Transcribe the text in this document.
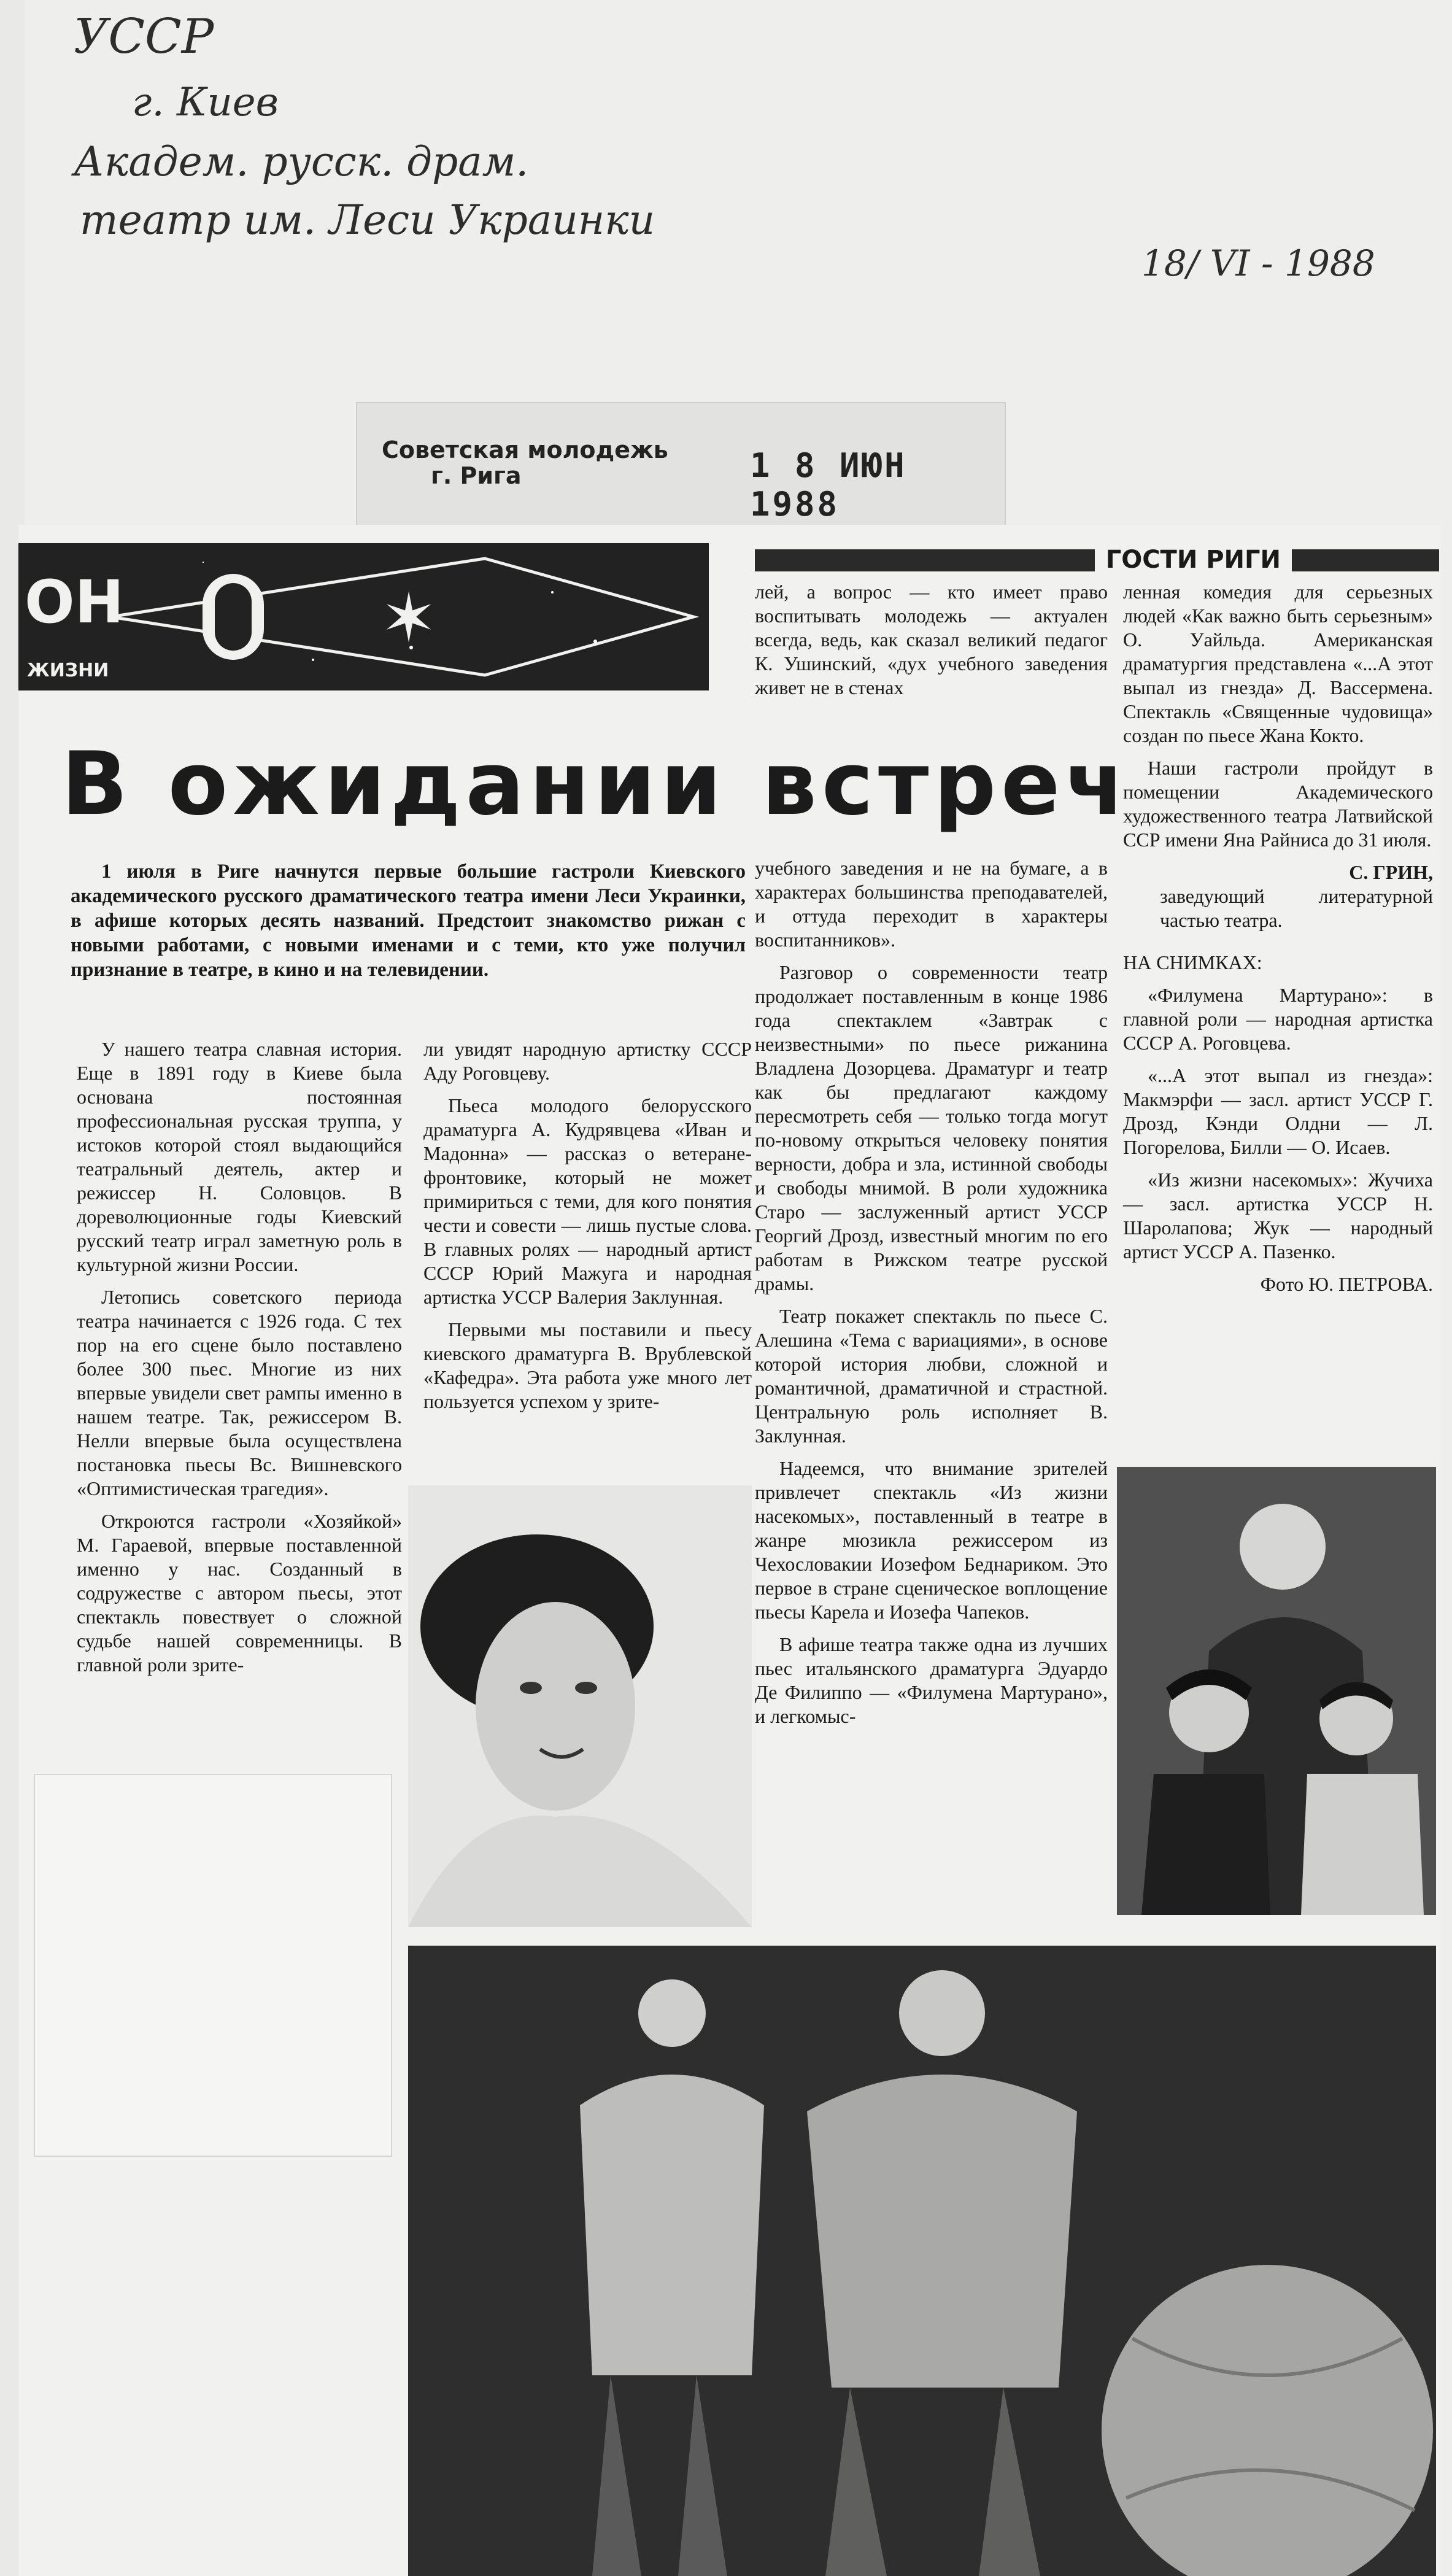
УССР
г. Киев
Академ. русск. драм.
театр им. Леси Украинки
18/ VI - 1988
Советская молодежь
г. Рига	1 8 ИЮН 1988
ОН
ЖИЗНИ
✶
ГОСТИ РИГИ
В ожидании встреч
1 июля в Риге начнутся первые большие гастроли Киевского академического русского драматического театра имени Леси Украинки, в афише которых десять названий. Предстоит знакомство рижан с новыми работами, с новыми именами и с теми, кто уже получил признание в театре, в кино и на телевидении.

У нашего театра славная история. Еще в 1891 году в Киеве была основана постоянная профессиональная русская труппа, у истоков которой стоял выдающийся театральный деятель, актер и режиссер Н. Соловцов. В дореволюционные годы Киевский русский театр играл заметную роль в культурной жизни России.

Летопись советского периода театра начинается с 1926 года. С тех пор на его сцене было поставлено более 300 пьес. Многие из них впервые увидели свет рампы именно в нашем театре. Так, режиссером В. Нелли впервые была осуществлена постановка пьесы Вс. Вишневского «Оптимистическая трагедия».

Откроются гастроли «Хозяйкой» М. Гараевой, впервые поставленной именно у нас. Созданный в содружестве с автором пьесы, этот спектакль повествует о сложной судьбе нашей современницы. В главной роли зрите-

ли увидят народную артистку СССР Аду Роговцеву.

Пьеса молодого белорусского драматурга А. Кудрявцева «Иван и Мадонна» — рассказ о ветеране-фронтовике, который не может примириться с теми, для кого понятия чести и совести — лишь пустые слова. В главных ролях — народный артист СССР Юрий Мажуга и народная артистка УССР Валерия Заклунная.

Первыми мы поставили и пьесу киевского драматурга В. Врублевской «Кафедра». Эта работа уже много лет пользуется успехом у зрите-

лей, а вопрос — кто имеет право воспитывать молодежь — актуален всегда, ведь, как сказал великий педагог К. Ушинский, «дух учебного заведения живет не в стенах

учебного заведения и не на бумаге, а в характерах большинства преподавателей, и оттуда переходит в характеры воспитанников».

Разговор о современности театр продолжает поставленным в конце 1986 года спектаклем «Завтрак с неизвестными» по пьесе рижанина Владлена Дозорцева. Драматург и театр как бы предлагают каждому пересмотреть себя — только тогда могут по-новому открыться человеку понятия верности, добра и зла, истинной свободы и свободы мнимой. В роли художника Старо — заслуженный артист УССР Георгий Дрозд, известный многим по его работам в Рижском театре русской драмы.

Театр покажет спектакль по пьесе С. Алешина «Тема с вариациями», в основе которой история любви, сложной и романтичной, драматичной и страстной. Центральную роль исполняет В. Заклунная.

Надеемся, что внимание зрителей привлечет спектакль «Из жизни насекомых», поставленный в театре в жанре мюзикла режиссером из Чехословакии Иозефом Беднариком. Это первое в стране сценическое воплощение пьесы Карела и Иозефа Чапеков.

В афише театра также одна из лучших пьес итальянского драматурга Эдуардо Де Филиппо — «Филумена Мартурано», и легкомыс-

ленная комедия для серьезных людей «Как важно быть серьезным» О. Уайльда. Американская драматургия представлена «...А этот выпал из гнезда» Д. Вассермена. Спектакль «Священные чудовища» создан по пьесе Жана Кокто.

Наши гастроли пройдут в помещении Академического художественного театра Латвийской ССР имени Яна Райниса до 31 июля.

С. ГРИН,

заведующий литературной частью театра.

НА СНИМКАХ:

«Филумена Мартурано»: в главной роли — народная артистка СССР А. Роговцева.

«...А этот выпал из гнезда»: Макмэрфи — засл. артист УССР Г. Дрозд, Кэнди Олдни — Л. Погорелова, Билли — О. Исаев.

«Из жизни насекомых»: Жучиха — засл. артистка УССР Н. Шаролапова; Жук — народный артист УССР А. Пазенко.

Фото Ю. ПЕТРОВА.
